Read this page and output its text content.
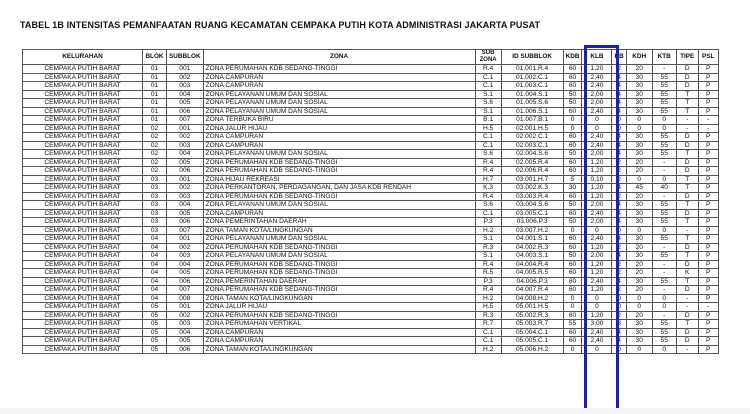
TABEL 1B INTENSITAS PEMANFAATAN RUANG KECAMATAN CEMPAKA PUTIH KOTA ADMINISTRASI JAKARTA PUSAT
KELURAHAN	BLOK	SUBBLOK	ZONA	SUB ZONA	ID SUBBLOK	KDB	KLB	KB	KDH	KTB	TIPE	PSL
CEMPAKA PUTIH BARAT	01	001	ZONA PERUMAHAN KDB SEDANG-TINGGI	R.4	01.001.R.4	60	1,20	2	20	-	D	P
CEMPAKA PUTIH BARAT	01	002	ZONA CAMPURAN	C.1	01.002.C.1	60	2,40	4	30	55	D	P
CEMPAKA PUTIH BARAT	01	003	ZONA CAMPURAN	C.1	01.003.C.1	60	2,40	4	30	55	D	P
CEMPAKA PUTIH BARAT	01	004	ZONA PELAYANAN UMUM DAN SOSIAL	S.1	01.004.S.1	50	2,00	4	30	55	T	P
CEMPAKA PUTIH BARAT	01	005	ZONA PELAYANAN UMUM DAN SOSIAL	S.6	01.005.S.6	50	2,00	4	30	55	T	P
CEMPAKA PUTIH BARAT	01	006	ZONA PELAYANAN UMUM DAN SOSIAL	S.1	01.006.S.1	60	2,40	4	30	55	T	P
CEMPAKA PUTIH BARAT	01	007	ZONA TERBUKA BIRU	B.1	01.007.B.1	0	0	0	0	0	-	-
CEMPAKA PUTIH BARAT	02	001	ZONA JALUR HIJAU	H.5	02.001.H.5	0	0	0	0	0	-	-
CEMPAKA PUTIH BARAT	02	002	ZONA CAMPURAN	C.1	02.002.C.1	60	2,40	4	30	55	D	P
CEMPAKA PUTIH BARAT	02	003	ZONA CAMPURAN	C.1	02.003.C.1	60	2,40	4	30	55	D	P
CEMPAKA PUTIH BARAT	02	004	ZONA PELAYANAN UMUM DAN SOSIAL	S.6	02.004.S.6	50	2,00	4	30	55	T	P
CEMPAKA PUTIH BARAT	02	005	ZONA PERUMAHAN KDB SEDANG-TINGGI	R.4	02.005.R.4	60	1,20	2	20	-	D	P
CEMPAKA PUTIH BARAT	02	006	ZONA PERUMAHAN KDB SEDANG-TINGGI	R.4	02.006.R.4	60	1,20	2	20	-	D	P
CEMPAKA PUTIH BARAT	03	001	ZONA HIJAU REKREASI	H.7	03.001.H.7	5	0,10	2	0	0	T	P
CEMPAKA PUTIH BARAT	03	002	ZONA PERKANTORAN, PERDAGANGAN, DAN JASA KDB RENDAH	K.3	03.002.K.3	30	1,20	4	45	40	T	P
CEMPAKA PUTIH BARAT	03	003	ZONA PERUMAHAN KDB SEDANG-TINGGI	R.4	03.003.R.4	60	1,20	2	20	-	D	P
CEMPAKA PUTIH BARAT	03	004	ZONA PELAYANAN UMUM DAN SOSIAL	S.6	03.004.S.6	50	2,00	4	30	55	T	P
CEMPAKA PUTIH BARAT	03	005	ZONA CAMPURAN	C.1	03.005.C.1	60	2,40	4	30	55	D	P
CEMPAKA PUTIH BARAT	03	006	ZONA PEMERINTAHAN DAERAH	P.3	03.006.P.3	50	2,00	4	30	55	T	P
CEMPAKA PUTIH BARAT	03	007	ZONA TAMAN KOTA/LINGKUNGAN	H.2	03.007.H.2	0	0	0	0	0	-	P
CEMPAKA PUTIH BARAT	04	001	ZONA PELAYANAN UMUM DAN SOSIAL	S.1	04.001.S.1	60	2,40	4	30	55	T	P
CEMPAKA PUTIH BARAT	04	002	ZONA PERUMAHAN KDB SEDANG-TINGGI	R.3	04.002.R.3	60	1,20	2	20	-	D	P
CEMPAKA PUTIH BARAT	04	003	ZONA PELAYANAN UMUM DAN SOSIAL	S.1	04.003.S.1	50	2,00	4	30	55	T	P
CEMPAKA PUTIH BARAT	04	004	ZONA PERUMAHAN KDB SEDANG-TINGGI	R.4	04.004.R.4	60	1,20	2	20	-	D	P
CEMPAKA PUTIH BARAT	04	005	ZONA PERUMAHAN KDB SEDANG-TINGGI	R.5	04.005.R.5	60	1,20	2	20	-	K	P
CEMPAKA PUTIH BARAT	04	006	ZONA PEMERINTAHAN DAERAH	P.3	04.006.P.3	60	2,40	4	30	55	T	P
CEMPAKA PUTIH BARAT	04	007	ZONA PERUMAHAN KDB SEDANG-TINGGI	R.4	04.007.R.4	60	1,20	2	20	-	D	P
CEMPAKA PUTIH BARAT	04	008	ZONA TAMAN KOTA/LINGKUNGAN	H.2	04.008.H.2	0	0	0	0	0	-	P
CEMPAKA PUTIH BARAT	05	001	ZONA JALUR HIJAU	H.5	05.001.H.5	0	0	0	0	0	-	-
CEMPAKA PUTIH BARAT	05	002	ZONA PERUMAHAN KDB SEDANG-TINGGI	R.3	05.002.R.3	60	1,20	2	20	-	D	P
CEMPAKA PUTIH BARAT	05	003	ZONA PERUMAHAN VERTIKAL	R.7	05.003.R.7	55	3,00	8	30	55	T	P
CEMPAKA PUTIH BARAT	05	004	ZONA CAMPURAN	C.1	05.004.C.1	60	2,40	4	30	55	D	P
CEMPAKA PUTIH BARAT	05	005	ZONA CAMPURAN	C.1	05.005.C.1	60	2,40	4	30	55	D	P
CEMPAKA PUTIH BARAT	05	006	ZONA TAMAN KOTA/LINGKUNGAN	H.2	05.006.H.2	0	0	0	0	0	-	P
